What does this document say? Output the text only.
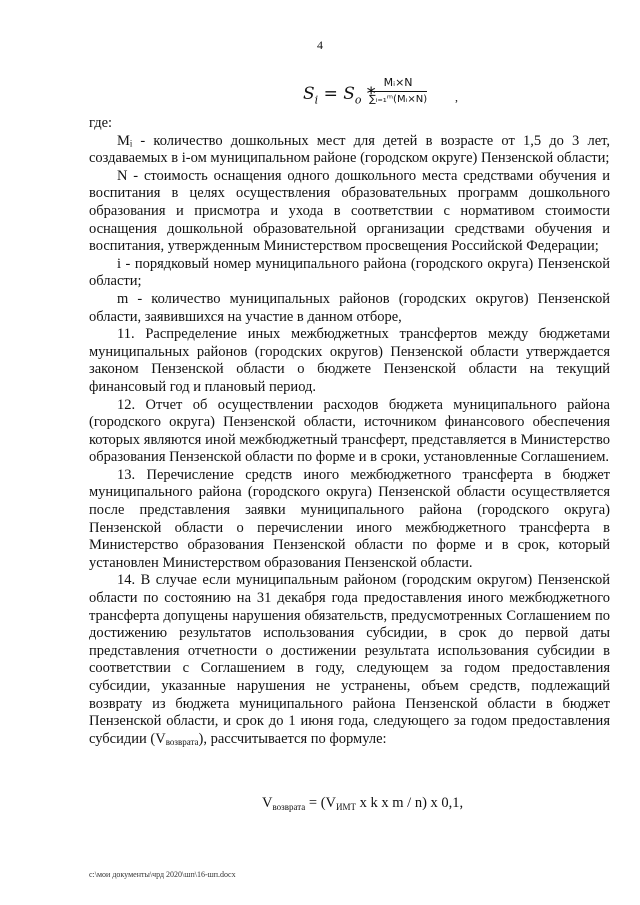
4
$S_i = S_o$ *
$\frac{\text{Mᵢ×N}}{\text{∑ᵢ₌₁ᵐ(Mᵢ×N)}}$ ,

где:

Mᵢ - количество дошкольных мест для детей в возрасте от 1,5 до 3 лет, создаваемых в i-ом муниципальном районе (городском округе) Пензенской области;

N - стоимость оснащения одного дошкольного места средствами обучения и воспитания в целях осуществления образовательных программ дошкольного образования и присмотра и ухода в соответствии с нормативом стоимости оснащения дошкольной образовательной организации средствами обучения и воспитания, утвержденным Министерством просвещения Российской Федерации;

i - порядковый номер муниципального района (городского округа) Пензенской области;

m - количество муниципальных районов (городских округов) Пензенской области, заявившихся на участие в данном отборе,

11. Распределение иных межбюджетных трансфертов между бюджетами муниципальных районов (городских округов) Пензенской области утверждается законом Пензенской области о бюджете Пензенской области на текущий финансовый год и плановый период.

12. Отчет об осуществлении расходов бюджета муниципального района (городского округа) Пензенской области, источником финансового обеспечения которых являются иной межбюджетный трансферт, представляется в Министерство образования Пензенской области по форме и в сроки, установленные Соглашением.

13. Перечисление средств иного межбюджетного трансферта в бюджет муниципального района (городского округа) Пензенской области осуществляется после представления заявки муниципального района (городского округа) Пензенской области о перечислении иного межбюджетного трансферта в Министерство образования Пензенской области по форме и в срок, который установлен Министерством образования Пензенской области.

14. В случае если муниципальным районом (городским округом) Пензенской области по состоянию на 31 декабря года предоставления иного межбюджетного трансферта допущены нарушения обязательств, предусмотренных Соглашением по достижению результатов использования субсидии, в срок до первой даты представления отчетности о достижении результата использования субсидии в соответствии с Соглашением в году, следующем за годом предоставления субсидии, указанные нарушения не устранены, объем средств, подлежащий возврату из бюджета муниципального района Пензенской области в бюджет Пензенской области, и срок до 1 июня года, следующего за годом предоставления субсидии $(V_{возврата})$, рассчитывается по формуле:

$V_{возврата} = (V_{ИМТ}$ x k x m / n) x 0,1,
c:\мои документы\чрд 2020\шп\16-шп.docx
